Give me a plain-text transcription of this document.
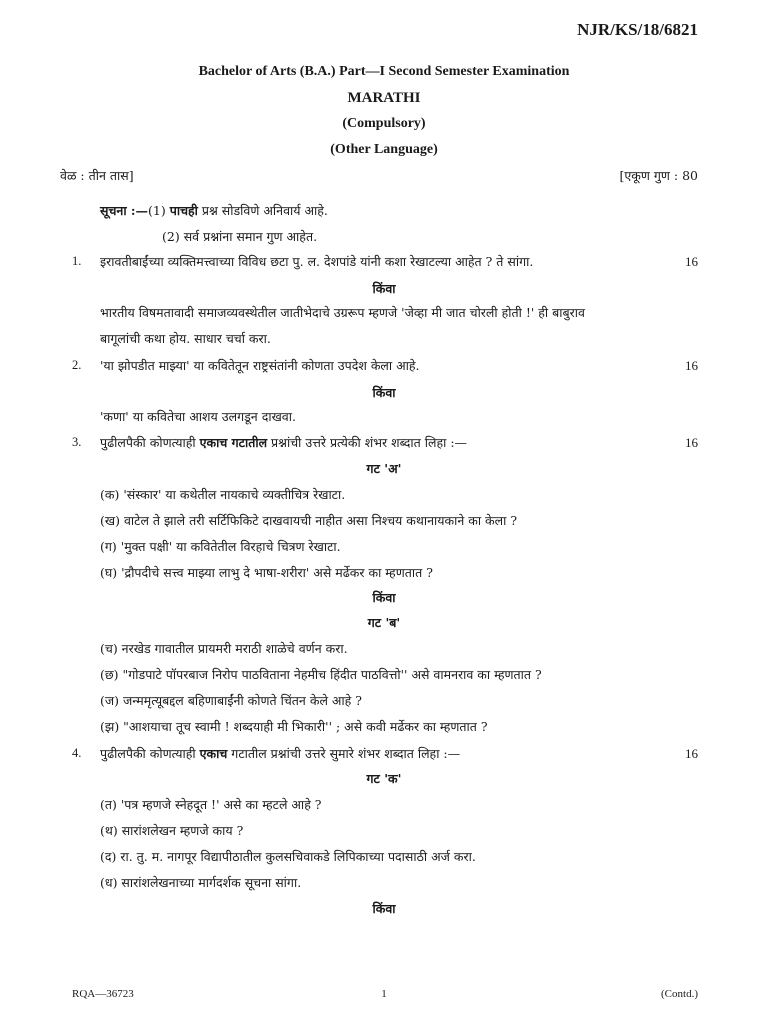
NJR/KS/18/6821
Bachelor of Arts (B.A.) Part—I Second Semester Examination
MARATHI
(Compulsory)
(Other Language)
वेळ : तीन तास]	[एकूण गुण : 80
सूचना :—(1) पाचही प्रश्न सोडविणे अनिवार्य आहे.
(2) सर्व प्रश्नांना समान गुण आहेत.
1. इरावतीबाईंच्या व्यक्तिमत्त्वाच्या विविध छटा पु. ल. देशपांडे यांनी कशा रेखाटल्या आहेत ? ते सांगा.	16
किंवा
भारतीय विषमतावादी समाजव्यवस्थेतील जातीभेदाचे उग्ररूप म्हणजे 'जेव्हा मी जात चोरली होती !' ही बाबुराव
बागूलांची कथा होय. साधार चर्चा करा.
2. 'या झोपडीत माझ्या' या कवितेतून राष्ट्रसंतांनी कोणता उपदेश केला आहे.	16
किंवा
'कणा' या कवितेचा आशय उलगडून दाखवा.
3. पुढीलपैकी कोणत्याही एकाच गटातील प्रश्नांची उत्तरे प्रत्येकी शंभर शब्दात लिहा :—	16
गट 'अ'
(क) 'संस्कार' या कथेतील नायकाचे व्यक्तीचित्र रेखाटा.
(ख) वाटेल ते झाले तरी सर्टिफिकिटे दाखवायची नाहीत असा निश्चय कथानायकाने का केला ?
(ग) 'मुक्त पक्षी' या कवितेतील विरहाचे चित्रण रेखाटा.
(घ) 'द्रौपदीचे सत्त्व माझ्या लाभु दे भाषा-शरीरा' असे मर्ढेकर का म्हणतात ?
किंवा
गट 'ब'
(च) नरखेड गावातील प्रायमरी मराठी शाळेचे वर्णन करा.
(छ) "गोडपाटे पॉपरबाज निरोप पाठविताना नेहमीच हिंदीत पाठवित्तो'' असे वामनराव का म्हणतात ?
(ज) जन्ममृत्यूबद्दल बहिणाबाईंनी कोणते चिंतन केले आहे ?
(झ) "आशयाचा तूच स्वामी ! शब्दयाही मी भिकारी'' ; असे कवी मर्ढेकर का म्हणतात ?
4. पुढीलपैकी कोणत्याही एकाच गटातील प्रश्नांची उत्तरे सुमारे शंभर शब्दात लिहा :—	16
गट 'क'
(त) 'पत्र म्हणजे स्नेहदूत !' असे का म्हटले आहे ?
(थ) सारांशलेखन म्हणजे काय ?
(द) रा. तु. म. नागपूर विद्यापीठातील कुलसचिवाकडे लिपिकाच्या पदासाठी अर्ज करा.
(ध) सारांशलेखनाच्या मार्गदर्शक सूचना सांगा.
किंवा
RQA—36723	1	(Contd.)
